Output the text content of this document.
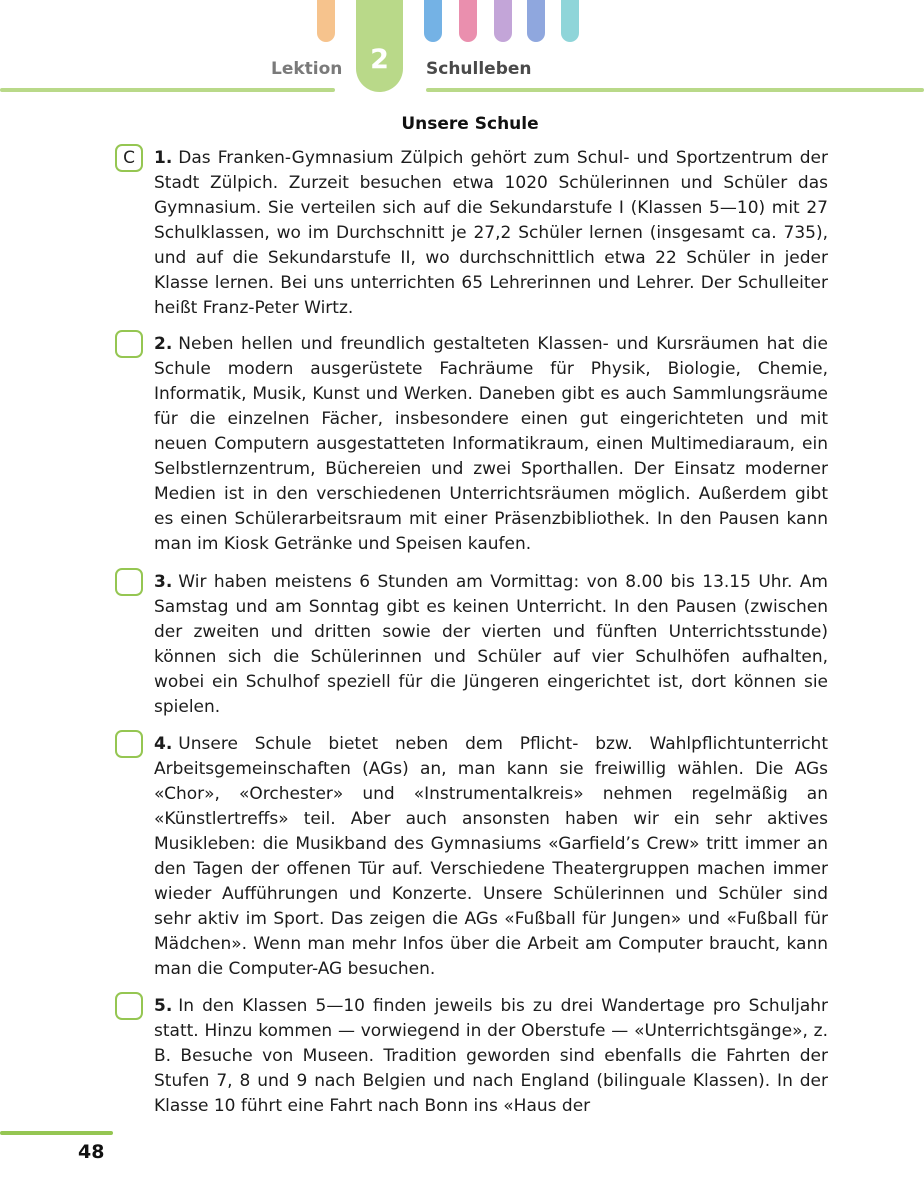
2
Lektion	Schulleben
Unsere Schule
C	1. Das Franken-Gymnasium Zülpich gehört zum Schul- und Sportzentrum der Stadt Zülpich. Zurzeit besuchen etwa 1020 Schülerinnen und Schüler das Gymnasium. Sie verteilen sich auf die Sekundarstufe I (Klassen 5—10) mit 27 Schulklassen, wo im Durchschnitt je 27,2 Schüler lernen (insgesamt ca. 735), und auf die Sekundarstufe II, wo durchschnittlich etwa 22 Schüler in jeder Klasse lernen. Bei uns unterrichten 65 Lehrerinnen und Lehrer. Der Schulleiter heißt Franz-Peter Wirtz.
2. Neben hellen und freundlich gestalteten Klassen- und Kursräumen hat die Schule modern ausgerüstete Fachräume für Physik, Biologie, Chemie, Informatik, Musik, Kunst und Werken. Daneben gibt es auch Sammlungsräume für die einzelnen Fächer, insbesondere einen gut eingerichteten und mit neuen Computern ausgestatteten Informatikraum, einen Multimediaraum, ein Selbstlernzentrum, Büchereien und zwei Sporthallen. Der Einsatz moderner Medien ist in den verschiedenen Unterrichtsräumen möglich. Außerdem gibt es einen Schülerarbeitsraum mit einer Präsenzbibliothek. In den Pausen kann man im Kiosk Getränke und Speisen kaufen.
3. Wir haben meistens 6 Stunden am Vormittag: von 8.00 bis 13.15 Uhr. Am Samstag und am Sonntag gibt es keinen Unterricht. In den Pausen (zwischen der zweiten und dritten sowie der vierten und fünften Unterrichtsstunde) können sich die Schülerinnen und Schüler auf vier Schulhöfen aufhalten, wobei ein Schulhof speziell für die Jüngeren eingerichtet ist, dort können sie spielen.
4. Unsere Schule bietet neben dem Pflicht- bzw. Wahlpflichtunterricht Arbeitsgemeinschaften (AGs) an, man kann sie freiwillig wählen. Die AGs «Chor», «Orchester» und «Instrumentalkreis» nehmen regelmäßig an «Künstlertreffs» teil. Aber auch ansonsten haben wir ein sehr aktives Musikleben: die Musikband des Gymnasiums «Garfield’s Crew» tritt immer an den Tagen der offenen Tür auf. Verschiedene Theatergruppen machen immer wieder Aufführungen und Konzerte. Unsere Schülerinnen und Schüler sind sehr aktiv im Sport. Das zeigen die AGs «Fußball für Jungen» und «Fußball für Mädchen». Wenn man mehr Infos über die Arbeit am Computer braucht, kann man die Computer-AG besuchen.
5. In den Klassen 5—10 finden jeweils bis zu drei Wandertage pro Schuljahr statt. Hinzu kommen — vorwiegend in der Oberstufe — «Unterrichtsgänge», z. B. Besuche von Museen. Tradition geworden sind ebenfalls die Fahrten der Stufen 7, 8 und 9 nach Belgien und nach England (bilinguale Klassen). In der Klasse 10 führt eine Fahrt nach Bonn ins «Haus der
48
